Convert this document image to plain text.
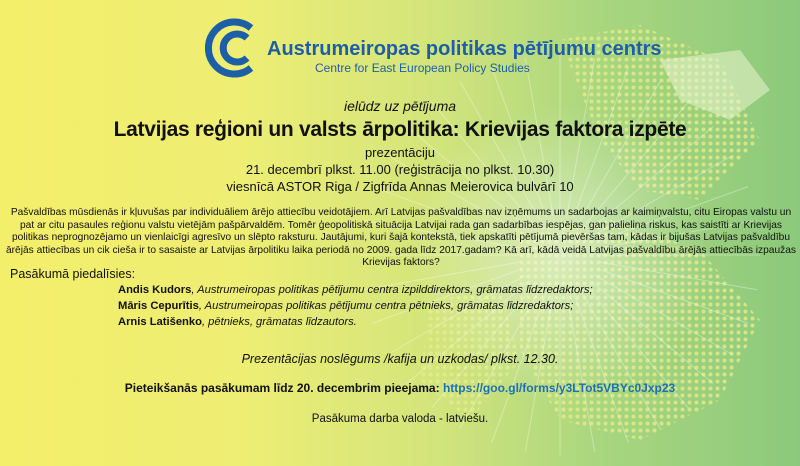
Austrumeiropas politikas pētījumu centrs
Centre for East European Policy Studies
ielūdz uz pētījuma
Latvijas reģioni un valsts ārpolitika: Krievijas faktora izpēte
prezentāciju
21. decembrī plkst. 11.00 (reģistrācija no plkst. 10.30)
viesnīcā ASTOR Riga / Zigfrīda Annas Meierovica bulvārī 10

Pašvaldības mūsdienās ir kļuvušas par individuāliem ārējo attiecību veidotājiem. Arī Latvijas pašvaldības nav izņēmums un sadarbojas ar kaimiņvalstu, citu Eiropas valstu un pat ar citu pasaules reģionu valstu vietējām pašpārvaldēm. Tomēr ģeopolitiskā situācija Latvijai rada gan sadarbības iespējas, gan palielina riskus, kas saistīti ar Krievijas politikas neprognozējamo un vienlaicīgi agresīvo un slēpto raksturu. Jautājumi, kuri šajā kontekstā, tiek apskatīti pētījumā pievēršas tam, kādas ir bijušas Latvijas pašvaldību ārējās attiecības un cik cieša ir to sasaiste ar Latvijas ārpolitiku laika periodā no 2009. gada līdz 2017.gadam? Kā arī, kādā veidā Latvijas pašvaldību ārējās attiecībās izpaužas Krievijas faktors?

Pasākumā piedalīsies:
Andis Kudors, Austrumeiropas politikas pētījumu centra izpilddirektors, grāmatas līdzredaktors;
Māris Cepurītis, Austrumeiropas politikas pētījumu centra pētnieks, grāmatas līdzredaktors;
Arnis Latišenko, pētnieks, grāmatas līdzautors.
Prezentācijas noslēgums /kafija un uzkodas/ plkst. 12.30.
Pieteikšanās pasākumam līdz 20. decembrim pieejama: https://goo.gl/forms/y3LTot5VBYc0Jxp23
Pasākuma darba valoda - latviešu.
